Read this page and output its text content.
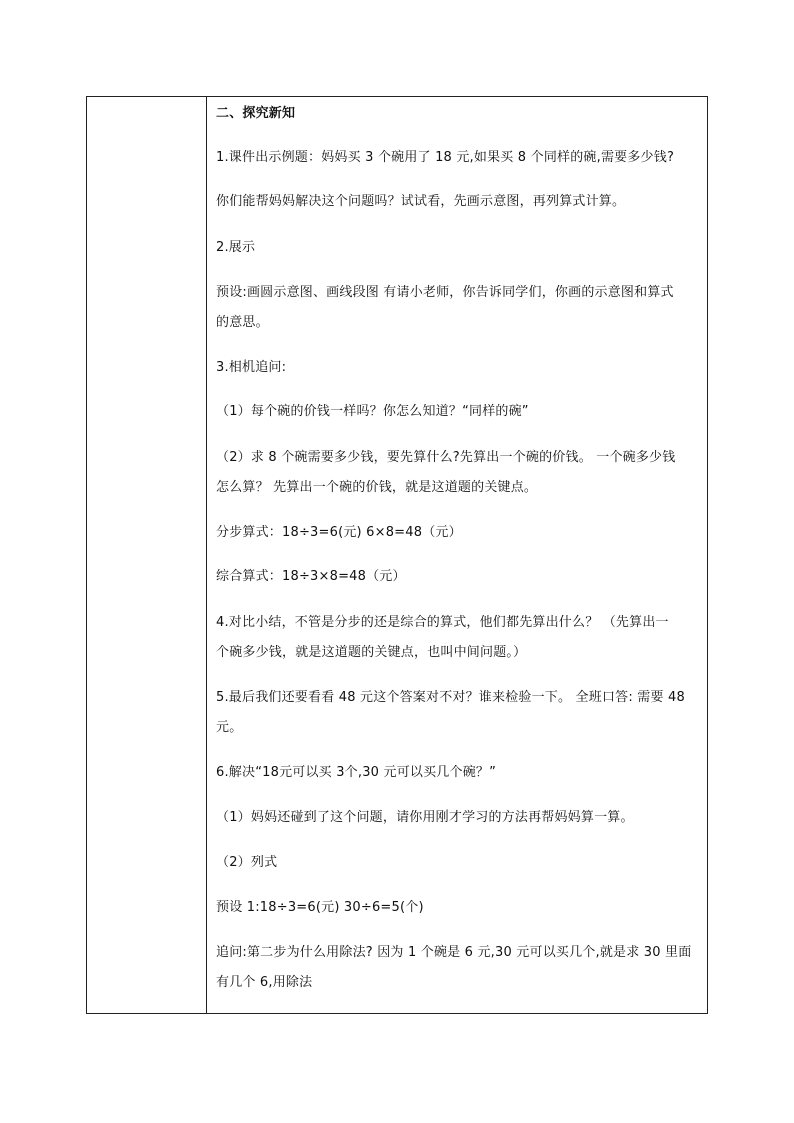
二、探究新知
1.课件出示例题：妈妈买 3 个碗用了 18 元,如果买 8 个同样的碗,需要多少钱?
你们能帮妈妈解决这个问题吗？试试看，先画示意图，再列算式计算。
2.展示
预设:画圆示意图、画线段图 有请小老师，你告诉同学们，你画的示意图和算式
的意思。
3.相机追问:
（1）每个碗的价钱一样吗？你怎么知道？“同样的碗”
（2）求 8 个碗需要多少钱，要先算什么?先算出一个碗的价钱。 一个碗多少钱
怎么算？ 先算出一个碗的价钱，就是这道题的关键点。
分步算式：18÷3=6(元) 6×8=48（元）
综合算式：18÷3×8=48（元）
4.对比小结，不管是分步的还是综合的算式，他们都先算出什么？ （先算出一
个碗多少钱，就是这道题的关键点，也叫中间问题。）
5.最后我们还要看看 48 元这个答案对不对？谁来检验一下。 全班口答: 需要 48
元。
6.解决“18元可以买 3个,30 元可以买几个碗？”
（1）妈妈还碰到了这个问题，请你用刚才学习的方法再帮妈妈算一算。
（2）列式
预设 1:18÷3=6(元) 30÷6=5(个)
追问:第二步为什么用除法? 因为 1 个碗是 6 元,30 元可以买几个,就是求 30 里面
有几个 6,用除法
